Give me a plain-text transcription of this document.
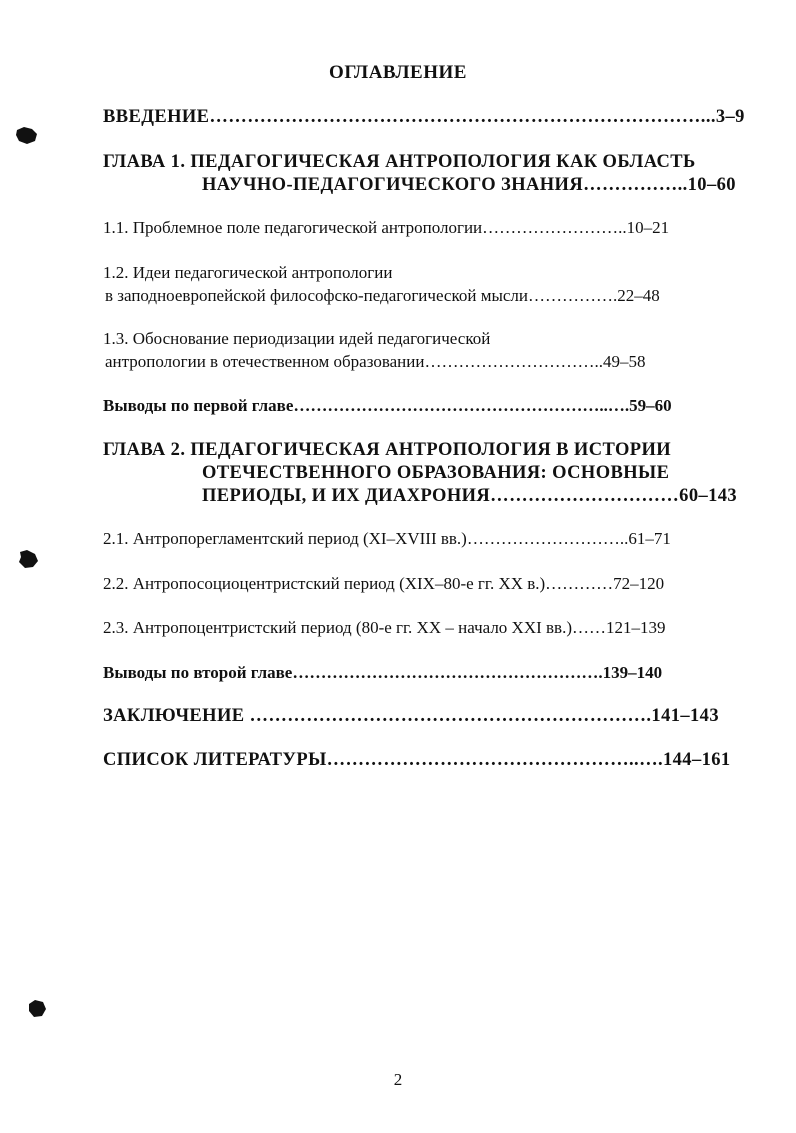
ОГЛАВЛЕНИЕ
ВВЕДЕНИЕ……………………………………………………………………...3–9
ГЛАВА 1. ПЕДАГОГИЧЕСКАЯ АНТРОПОЛОГИЯ КАК ОБЛАСТЬ
НАУЧНО-ПЕДАГОГИЧЕСКОГО ЗНАНИЯ……………..10–60
1.1. Проблемное поле педагогической антропологии……………………..10–21
1.2. Идеи педагогической антропологии
в заподноевропейской философско-педагогической мысли…………….22–48
1.3. Обоснование периодизации идей педагогической
антропологии в отечественном образовании…………………………..49–58
Выводы по первой главе………………………………………………..….59–60
ГЛАВА 2. ПЕДАГОГИЧЕСКАЯ АНТРОПОЛОГИЯ В ИСТОРИИ
ОТЕЧЕСТВЕННОГО ОБРАЗОВАНИЯ: ОСНОВНЫЕ
ПЕРИОДЫ, И ИХ ДИАХРОНИЯ…………………………60–143
2.1. Антропорегламентский период (XI–XVIII вв.)………………………..61–71
2.2. Антропосоциоцентристский период (XIX–80-е гг. XX в.)…………72–120
2.3. Антропоцентристский период (80-е гг. XX – начало XXI вв.)……121–139
Выводы по второй главе……………………………………………….139–140
ЗАКЛЮЧЕНИЕ ……………………………………………………….141–143
СПИСОК ЛИТЕРАТУРЫ…………………………………………..….144–161
2
